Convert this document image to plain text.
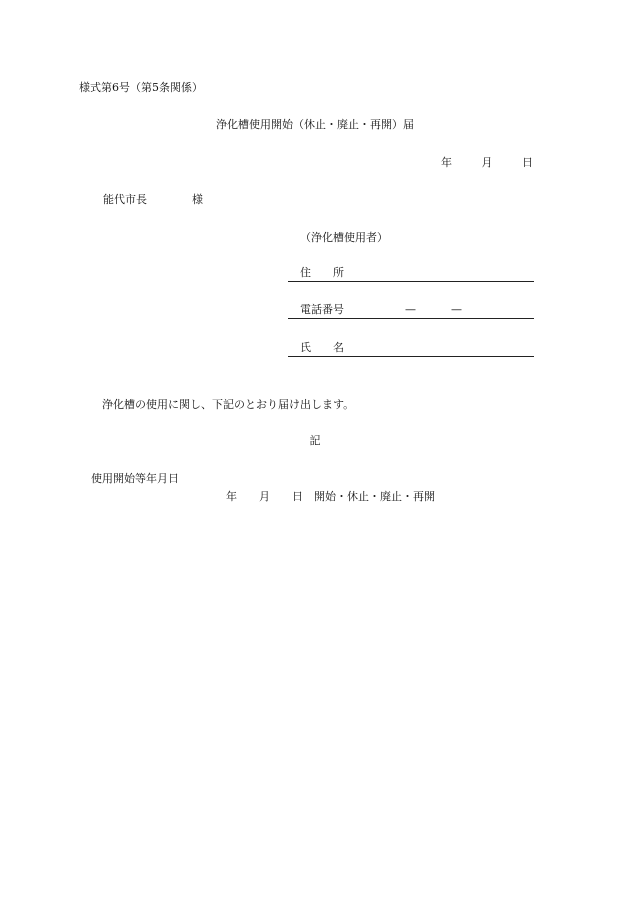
様式第6号（第5条関係）
浄化槽使用開始（休止・廃止・再開）届
年	月	日
能代市長	様
（浄化槽使用者）
住　　所
電話番号	—	—
氏　　名
浄化槽の使用に関し、下記のとおり届け出します。
記
使用開始等年月日
年　　月　　日　開始・休止・廃止・再開
